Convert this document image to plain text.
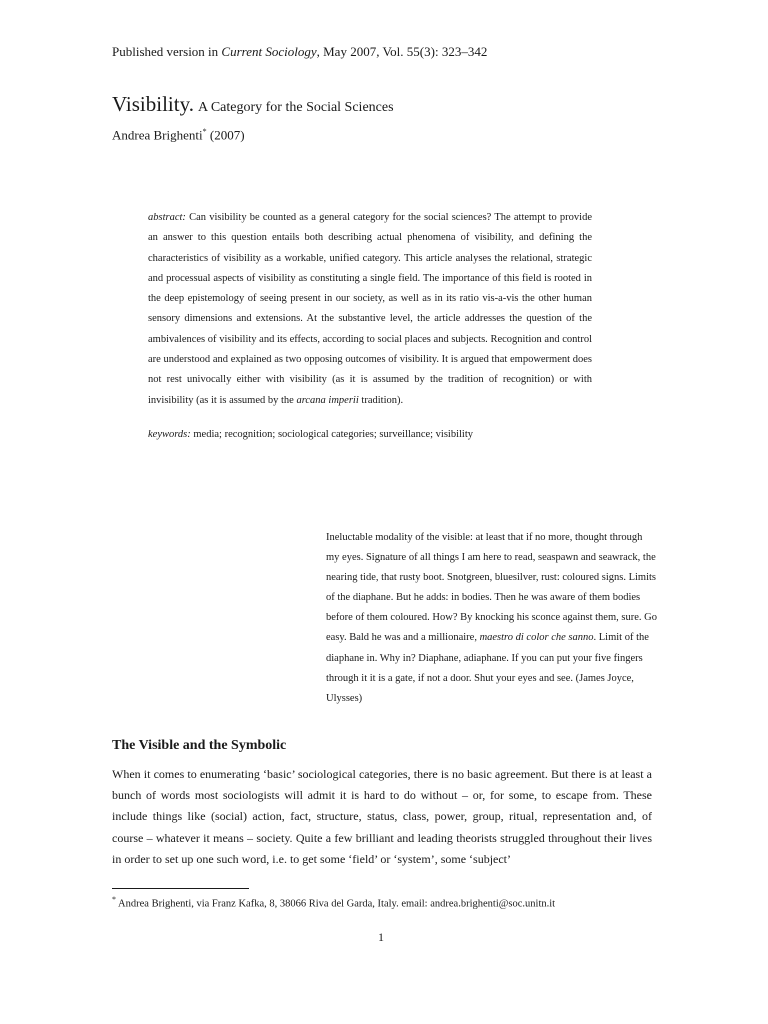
Published version in Current Sociology, May 2007, Vol. 55(3): 323–342
Visibility. A Category for the Social Sciences
Andrea Brighenti* (2007)
abstract: Can visibility be counted as a general category for the social sciences? The attempt to provide an answer to this question entails both describing actual phenomena of visibility, and defining the characteristics of visibility as a workable, unified category. This article analyses the relational, strategic and processual aspects of visibility as constituting a single field. The importance of this field is rooted in the deep epistemology of seeing present in our society, as well as in its ratio vis-a-vis the other human sensory dimensions and extensions. At the substantive level, the article addresses the question of the ambivalences of visibility and its effects, according to social places and subjects. Recognition and control are understood and explained as two opposing outcomes of visibility. It is argued that empowerment does not rest univocally either with visibility (as it is assumed by the tradition of recognition) or with invisibility (as it is assumed by the arcana imperii tradition).
keywords: media; recognition; sociological categories; surveillance; visibility
Ineluctable modality of the visible: at least that if no more, thought through my eyes. Signature of all things I am here to read, seaspawn and seawrack, the nearing tide, that rusty boot. Snotgreen, bluesilver, rust: coloured signs. Limits of the diaphane. But he adds: in bodies. Then he was aware of them bodies before of them coloured. How? By knocking his sconce against them, sure. Go easy. Bald he was and a millionaire, maestro di color che sanno. Limit of the diaphane in. Why in? Diaphane, adiaphane. If you can put your five fingers through it it is a gate, if not a door. Shut your eyes and see. (James Joyce, Ulysses)
The Visible and the Symbolic
When it comes to enumerating ‘basic’ sociological categories, there is no basic agreement. But there is at least a bunch of words most sociologists will admit it is hard to do without – or, for some, to escape from. These include things like (social) action, fact, structure, status, class, power, group, ritual, representation and, of course – whatever it means – society. Quite a few brilliant and leading theorists struggled throughout their lives in order to set up one such word, i.e. to get some ‘field’ or ‘system’, some ‘subject’
* Andrea Brighenti, via Franz Kafka, 8, 38066 Riva del Garda, Italy. email: andrea.brighenti@soc.unitn.it
1
